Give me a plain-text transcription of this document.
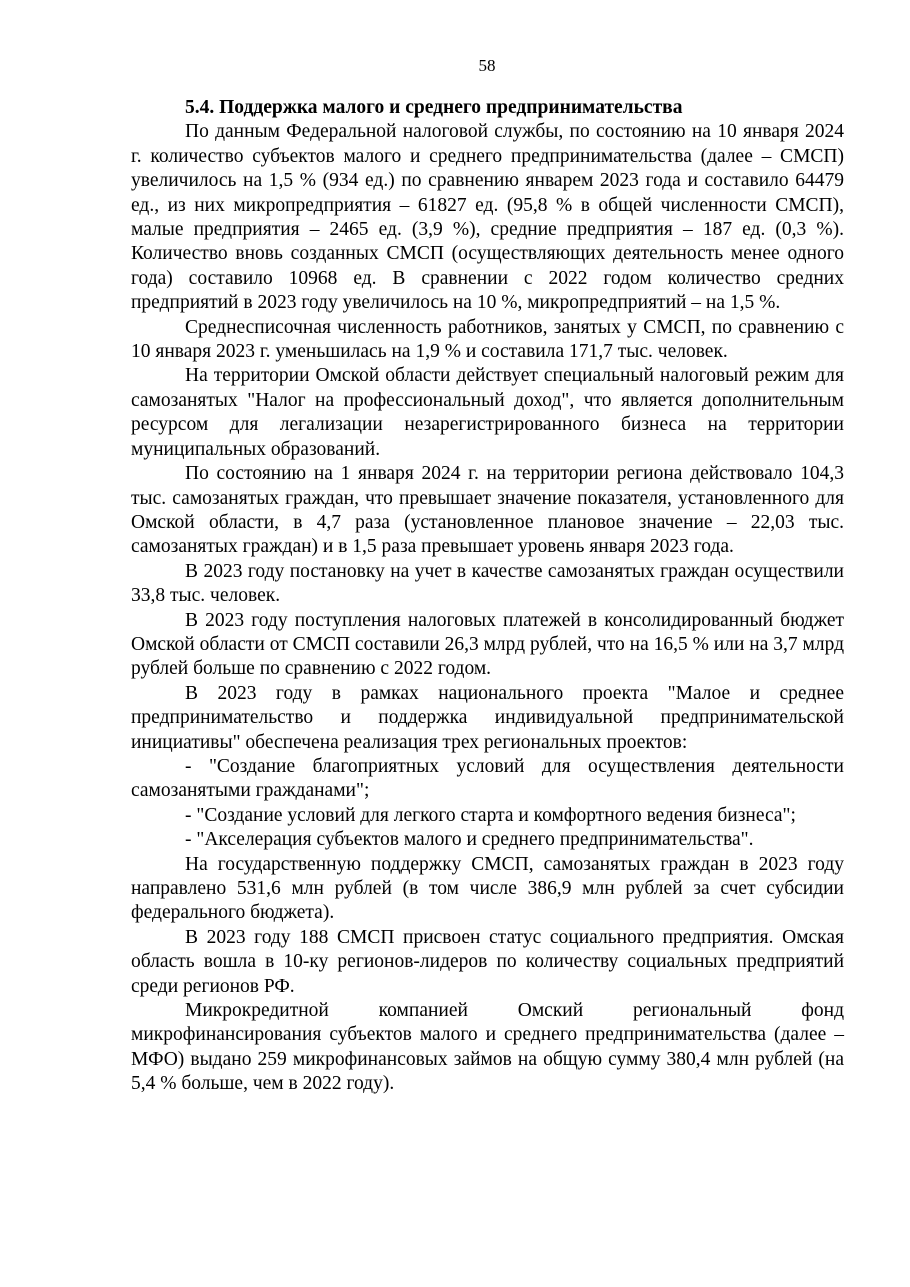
58

5.4. Поддержка малого и среднего предпринимательства

По данным Федеральной налоговой службы, по состоянию на 10 января 2024 г. количество субъектов малого и среднего предпринимательства (далее – СМСП) увеличилось на 1,5 % (934 ед.) по сравнению январем 2023 года и составило 64479 ед., из них микропредприятия – 61827 ед. (95,8 % в общей численности СМСП), малые предприятия – 2465 ед. (3,9 %), средние предприятия – 187 ед. (0,3 %). Количество вновь созданных СМСП (осуществляющих деятельность менее одного года) составило 10968 ед. В сравнении с 2022 годом количество средних предприятий в 2023 году увеличилось на 10 %, микропредприятий – на 1,5 %.

Среднесписочная численность работников, занятых у СМСП, по сравнению с 10 января 2023 г. уменьшилась на 1,9 % и составила 171,7 тыс. человек.

На территории Омской области действует специальный налоговый режим для самозанятых "Налог на профессиональный доход", что является дополнительным ресурсом для легализации незарегистрированного бизнеса на территории муниципальных образований.

По состоянию на 1 января 2024 г. на территории региона действовало 104,3 тыс. самозанятых граждан, что превышает значение показателя, установленного для Омской области, в 4,7 раза (установленное плановое значение – 22,03 тыс. самозанятых граждан) и в 1,5 раза превышает уровень января 2023 года.

В 2023 году постановку на учет в качестве самозанятых граждан осуществили 33,8 тыс. человек.

В 2023 году поступления налоговых платежей в консолидированный бюджет Омской области от СМСП составили 26,3 млрд рублей, что на 16,5 % или на 3,7 млрд рублей больше по сравнению с 2022 годом.

В 2023 году в рамках национального проекта "Малое и среднее предпринимательство и поддержка индивидуальной предпринимательской инициативы" обеспечена реализация трех региональных проектов:

- "Создание благоприятных условий для осуществления деятельности самозанятыми гражданами";

- "Создание условий для легкого старта и комфортного ведения бизнеса";

- "Акселерация субъектов малого и среднего предпринимательства".

На государственную поддержку СМСП, самозанятых граждан в 2023 году направлено 531,6 млн рублей (в том числе 386,9 млн рублей за счет субсидии федерального бюджета).

В 2023 году 188 СМСП присвоен статус социального предприятия. Омская область вошла в 10-ку регионов-лидеров по количеству социальных предприятий среди регионов РФ.

Микрокредитной компанией Омский региональный фонд микрофинансирования субъектов малого и среднего предпринимательства (далее – МФО) выдано 259 микрофинансовых займов на общую сумму 380,4 млн рублей (на 5,4 % больше, чем в 2022 году).
